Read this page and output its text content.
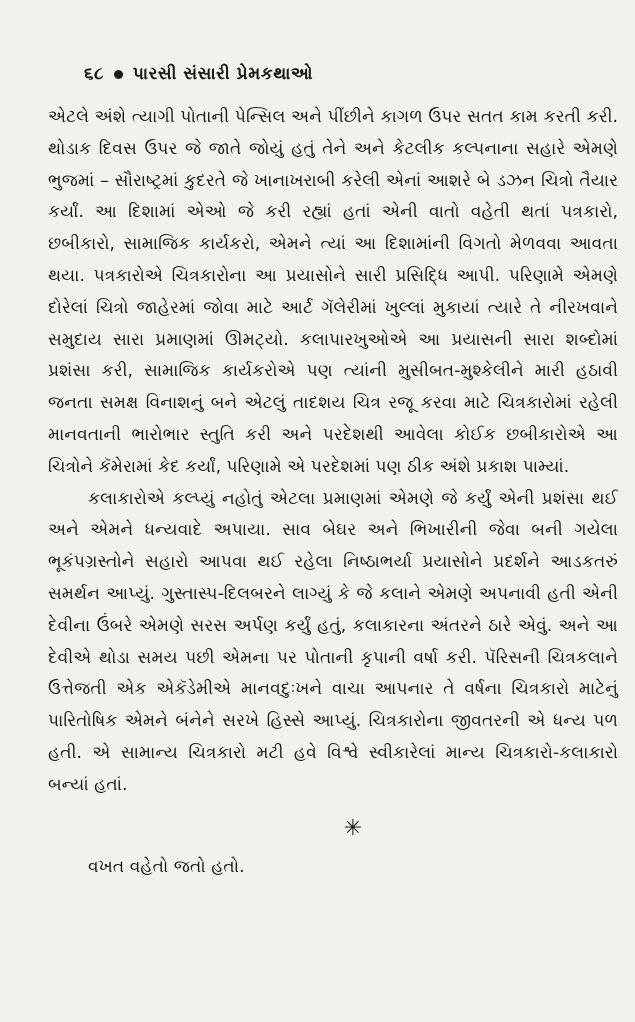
૬૮ પારસી સંસારી પ્રેમકથાઓ

એટલે અંશે ત્યાગી પોતાની પેન્સિલ અને પીંછીને કાગળ ઉપર સતત કામ કરતી કરી. થોડાક દિવસ ઉપર જે જાતે જોયું હતું તેને અને કેટલીક કલ્પનાના સહારે એમણે ભુજમાં – સૌરાષ્ટ્રમાં કુદરતે જે ખાનાખરાબી કરેલી એનાં આશરે બે ડઝન ચિત્રો તૈયાર કર્યાં. આ દિશામાં એઓ જે કરી રહ્યાં હતાં એની વાતો વહેતી થતાં પત્રકારો, છબીકારો, સામાજિક કાર્યકરો, એમને ત્યાં આ દિશામાંની વિગતો મેળવવા આવતા થયા. પત્રકારોએ ચિત્રકારોના આ પ્રયાસોને સારી પ્રસિદ્ધિ આપી. પરિણામે એમણે દોરેલાં ચિત્રો જાહેરમાં જોવા માટે આર્ટ ગૅલેરીમાં ખુલ્લાં મુકાયાં ત્યારે તે નીરખવાને સમુદાય સારા પ્રમાણમાં ઊમટ્યો. કલાપારખુઓએ આ પ્રયાસની સારા શબ્દોમાં પ્રશંસા કરી, સામાજિક કાર્યકરોએ પણ ત્યાંની મુસીબત-મુશ્કેલીને મારી હઠાવી જનતા સમક્ષ વિનાશનું બને એટલું તાદશય ચિત્ર રજૂ કરવા માટે ચિત્રકારોમાં રહેલી માનવતાની ભારોભાર સ્તુતિ કરી અને પરદેશથી આવેલા કોઈક છબીકારોએ આ ચિત્રોને કૅમેરામાં કેદ કર્યાં, પરિણામે એ પરદેશમાં પણ ઠીક અંશે પ્રકાશ પામ્યાં.

કલાકારોએ કલ્પ્યું નહોતું એટલા પ્રમાણમાં એમણે જે કર્યું એની પ્રશંસા થઈ અને એમને ધન્યવાદે અપાયા. સાવ બેઘર અને ભિખારીની જેવા બની ગયેલા ભૂકંપગ્રસ્તોને સહારો આપવા થઈ રહેલા નિષ્ઠાભર્યા પ્રયાસોને પ્રદર્શને આડકતરું સમર્થન આપ્યું. ગુસ્તાસ્પ-દિલબરને લાગ્યું કે જે કલાને એમણે અપનાવી હતી એની દેવીના ઉંબરે એમણે સરસ અર્પણ કર્યું હતું, કલાકારના અંતરને ઠારે એવું. અને આ દેવીએ થોડા સમય પછી એમના પર પોતાની કૃપાની વર્ષા કરી. પૅરિસની ચિત્રકલાને ઉત્તેજતી એક એકૅડેમીએ માનવદુઃખને વાચા આપનાર તે વર્ષના ચિત્રકારો માટેનું પારિતોષિક એમને બંનેને સરખે હિસ્સે આપ્યું. ચિત્રકારોના જીવતરની એ ધન્ય પળ હતી. એ સામાન્ય ચિત્રકારો મટી હવે વિશ્વે સ્વીકારેલાં માન્ય ચિત્રકારો-કલાકારો બન્યાં હતાં.

✳
વખત વહેતો જતો હતો.
